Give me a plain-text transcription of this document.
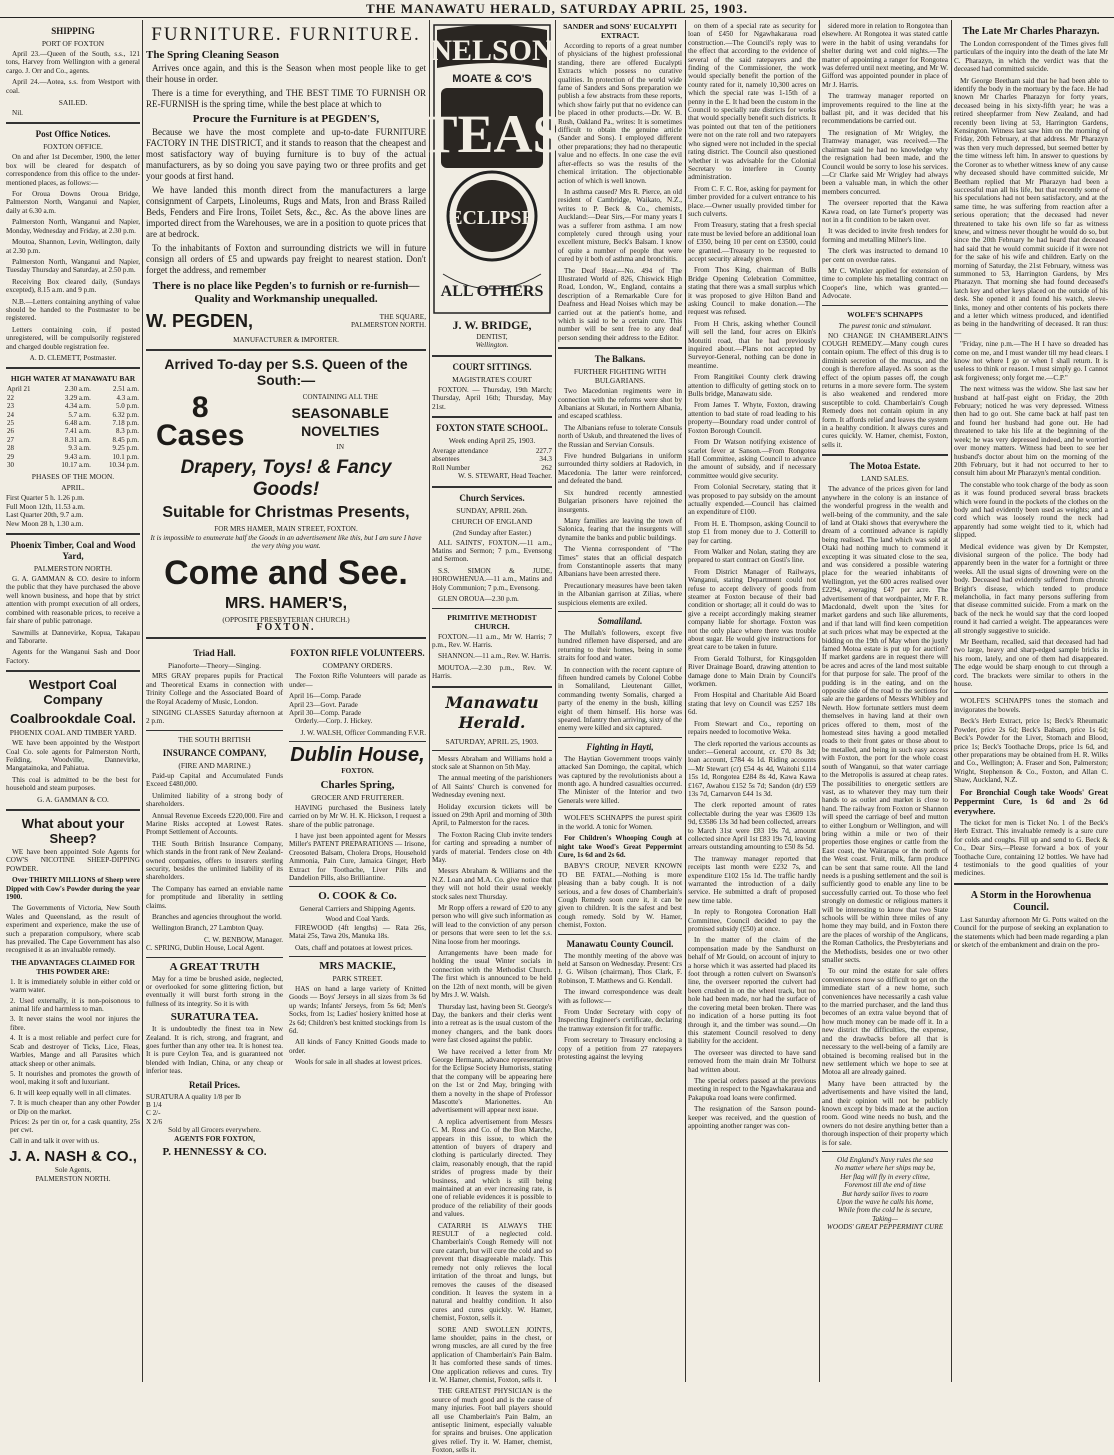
THE MANAWATU HERALD, SATURDAY APRIL 25, 1903.
SHIPPING
PORT OF FOXTON

April 23.—Queen of the South, s.s., 121 tons, Harvey from Wellington with a general cargo. J. Orr and Co., agents.

April 24.—Aotea, s.s. from Westport with coal.

SAILED.

Nil.

Post Office Notices.
FOXTON OFFICE.

On and after 1st December, 1900, the letter box will be cleared for despatch of correspondence from this office to the under-mentioned places, as follows:—

For Oroua Downs Oroua Bridge, Palmerston North, Wanganui and Napier, daily at 6.30 a.m.

Palmerston North, Wanganui and Napier, Monday, Wednesday and Friday, at 2.30 p.m.

Moutoa, Shannon, Levin, Wellington, daily at 2.30 p.m.

Palmerston North, Wanganui and Napier, Tuesday Thursday and Saturday, at 2.50 p.m.

Receiving Box cleared daily, (Sundays excepted), 8.15 a.m. and 9 p.m.

N.B.—Letters containing anything of value should be handed to the Postmaster to be registered.

Letters containing coin, if posted unregistered, will be compulsorily registered and charged double registration fee.

A. D. CLEMETT, Postmaster.
HIGH WATER AT MANAWATU BAR
April 21	2.30 a.m.	2.51 a.m.
22	3.29 a.m.	4.3 a.m.
23	4.34 a.m.	5.0 p.m.
24	5.7 a.m.	6.32 p.m.
25	6.48 a.m.	7.18 p.m.
26	7.41 a.m.	8.3 p.m.
27	8.31 a.m.	8.45 p.m.
28	9.3 a.m.	9.25 p.m.
29	9.43 a.m.	10.1 p.m.
30	10.17 a.m.	10.34 p.m.
PHASES OF THE MOON.
APRIL.
First Quarter 5 h. 1.26 p.m.
Full Moon 12th, 11.53 a.m.
Last Quarter 20th, 9.7 a.m.
New Moon 28 h, 1.30 a.m.
Phoenix Timber, Coal and Wood Yard,
PALMERSTON NORTH.

G. A. GAMMAN & CO. desire to inform the public that they have purchased the above well known business, and hope that by strict attention with prompt execution of all orders, combined with reasonable prices, to receive a fair share of public patronage.

Sawmills at Dannevirke, Kopua, Takapau and Taborarte.

Agents for the Wanganui Sash and Door Factory.

Westport Coal Company
Coalbrookdale Coal.
PHOENIX COAL AND TIMBER YARD.

WE have been appointed by the Westport Coal Co. sole agents for Palmerston North, Feilding, Woodville, Dannevirke, Mangatainoka, and Pahiatua.

This coal is admitted to be the best for household and steam purposes.

G. A. GAMMAN & CO.
What about your Sheep?

WE have been appointed Sole Agents for COW'S NICOTINE SHEEP-DIPPING POWDER.

Over THIRTY MILLIONS of Sheep were Dipped with Cow's Powder during the year 1900.

The Governments of Victoria, New South Wales and Queensland, as the result of experiment and experience, make the use of such a preparation compulsory, where scab has prevailed. The Cape Government has also recognised it as an invaluable remedy.

THE ADVANTAGES CLAIMED FOR THIS POWDER ARE:
1. It is immediately soluble in either cold or warm water.
2. Used externally, it is non-poisonous to animal life and harmless to man.
3. It never stains the wool nor injures the fibre.
4. It is a most reliable and perfect cure for Scab and destroyer of Ticks, Lice, Fleas, Warbles, Mange and all Parasites which attack sheep or other animals.
5. It nourishes and promotes the growth of wool, making it soft and luxuriant.
6. It will keep equally well in all climates.
7. It is much cheaper than any other Powder or Dip on the market.
Prices: 2s per tin or, for a cask quantity, 25s per cwt.
Call in and talk it over with us.
J. A. NASH & CO.,
Sole Agents,
PALMERSTON NORTH.
FURNITURE. FURNITURE.
The Spring Cleaning Season

Arrives once again, and this is the Season when most people like to get their house in order.

There is a time for everything, and THE BEST TIME TO FURNISH OR RE-FURNISH is the spring time, while the best place at which to

Procure the Furniture is at PEGDEN'S,

Because we have the most complete and up-to-date FURNITURE FACTORY IN THE DISTRICT, and it stands to reason that the cheapest and most satisfactory way of buying furniture is to buy of the actual manufacturers, as by so doing you save paying two or three profits and get your goods at first hand.

We have landed this month direct from the manufacturers a large consignment of Carpets, Linoleums, Rugs and Mats, Iron and Brass Railed Beds, Fenders and Fire Irons, Toilet Sets, &c., &c. As the above lines are imported direct from the Warehouses, we are in a position to quote prices that are at bedrock.

To the inhabitants of Foxton and surrounding districts we will in future consign all orders of £5 and upwards pay freight to nearest station. Don't forget the address, and remember

There is no place like Pegden's to furnish or re-furnish—Quality and Workmanship unequalled.
W. PEGDEN,	THE SQUARE,
PALMERSTON NORTH.
MANUFACTURER & IMPORTER.
Arrived To-day per S.S. Queen of the South:—
8 Cases
CONTAINING ALL THE
SEASONABLE NOVELTIES
IN
Drapery, Toys! & Fancy Goods!
Suitable for Christmas Presents,
FOR MRS HAMER, MAIN STREET, FOXTON.
It is impossible to enumerate half the Goods in an advertisement like this, but I am sure I have the very thing you want.
Come and See.
MRS. HAMER'S,
(OPPOSITE PRESBYTERIAN CHURCH.)
FOXTON.
Triad Hall.
Pianoforte—Theory—Singing.

MRS GRAY prepares pupils for Practical and Theoretical Exams in connection with Trinity College and the Associated Board of the Royal Academy of Music, London.

SINGING CLASSES Saturday afternoon at 2 p.m.

THE SOUTH BRITISH
INSURANCE COMPANY,
(FIRE AND MARINE.)

Paid-up Capital and Accumulated Funds Exceed £480,000.

Unlimited liability of a strong body of shareholders.

Annual Revenue Exceeds £220,000. Fire and Marine Risks accepted at Lowest Rates. Prompt Settlement of Accounts.

THE South British Insurance Company, which stands in the front rank of New Zealand-owned companies, offers to insurers sterling security, besides the unlimited liability of its shareholders.

The Company has earned an enviable name for promptitude and liberality in settling claims.

Branches and agencies throughout the world.

Wellington Branch, 27 Lambton Quay.

C. W. BENBOW, Manager.
C. SPRING, Dublin House, Local Agent.
A GREAT TRUTH

May for a time be brushed aside, neglected, or overlooked for some glittering fiction, but eventually it will burst forth strong in the fullness of its integrity. So it is with

SURATURA TEA.

It is undoubtedly the finest tea in New Zealand. It is rich, strong, and fragrant, and goes further than any other tea. It is honest tea. It is pure Ceylon Tea, and is guaranteed not blended with Indian, China, or any cheap or inferior teas.

Retail Prices.
SURATURA A quality 1/8 per lb
B 1/4
C 2/-
X 2/6
Sold by all Grocers everywhere.
AGENTS FOR FOXTON,
P. HENNESSY & CO.
FOXTON RIFLE VOLUNTEERS.
COMPANY ORDERS.

The Foxton Rifle Volunteers will parade as under—

April 16—Comp. Parade
April 23—Govt. Parade
April 30—Comp. Parade

Orderly.—Corp. J. Hickey.

J. W. WALSH, Officer Commanding F.V.R.
Dublin House,
FOXTON.
Charles Spring,
GROCER AND FRUITERER.

HAVING purchased the Business lately carried on by Mr W. H. K. Hickson, I request a share of the public patronage.

I have just been appointed agent for Messrs Miller's PATENT PREPARATIONS — Irisone, Creosoted Balsam, Cholera Drops, Household Ammonia, Pain Cure, Jamaica Ginger, Herb Extract for Toothache, Liver Pills and Dandelion Pills, also Brilliantine.

O. COOK & Co.
General Carriers and Shipping Agents.
Wood and Coal Yards.

FIREWOOD (4ft lengths) — Rata 26s, Matai 25s, Tawa 20s, Manuka 18s.

Oats, chaff and potatoes at lowest prices.

MRS MACKIE,
PARK STREET.

HAS on hand a large variety of Knitted Goods — Boys' Jerseys in all sizes from 3s 6d up wards; Infants' Jerseys, from 5s 6d; Men's Socks, from 1s; Ladies' hosiery knitted hose at 2s 6d; Children's best knitted stockings from 1s 6d.

All kinds of Fancy Knitted Goods made to order.

Wools for sale in all shades at lowest prices.

NELSON
MOATE & CO'S
TEAS
ECLIPSE
ALL OTHERS
J. W. BRIDGE,
DENTIST,
Wellington.
COURT SITTINGS.
MAGISTRATE'S COURT

FOXTON. — Thursday, 19th March; Thursday, April 16th; Thursday, May 21st.

FOXTON STATE SCHOOL.
Week ending April 25, 1903.
Average attendance	227.7
absentees	34.3
Roll Number	262
W. S. STEWART, Head Teacher.
Church Services.
SUNDAY, APRIL 26th.
CHURCH OF ENGLAND
(2nd Sunday after Easter.)

ALL SAINTS', FOXTON.—11 a.m., Matins and Sermon; 7 p.m., Evensong and Sermon.

S.S. SIMON & JUDE, HOROWHENUA.—11 a.m., Matins and Holy Communion; 7 p.m., Evensong.

GLEN OROUA—2.30 p.m.

PRIMITIVE METHODIST CHURCH.

FOXTON.—11 a.m., Mr W. Harris; 7 p.m., Rev. W. Harris.

SHANNON.—11 a.m., Rev. W. Harris.

MOUTOA.—2.30 p.m., Rev. W. Harris.

Manawatu Herald.
SATURDAY, APRIL 25, 1903.

Messrs Abraham and Williams hold a stock sale at Shannon on 5th May.

The annual meeting of the parishioners of All Saints' Church is convened for Wednesday evening next.

Holiday excursion tickets will be issued on 29th April and morning of 30th April, to Palmerston for the races.

The Foxton Racing Club invite tenders for carting and spreading a number of yards of material. Tenders close on 4th May.

Messrs Abraham & Williams and the N.Z. Loan and M.A. Co. give notice that they will not hold their usual weekly stock sales next Thursday.

Mr Ropp offers a reward of £20 to any person who will give such information as will lead to the conviction of any person or persons that were seen to let the s.s. Nina loose from her moorings.

Arrangements have been made for holding the usual Winter socials in connection with the Methodist Church. The first which is announced to be held on the 12th of next month, will be given by Mrs J. W. Walsh.

Thursday last, having been St. George's Day, the bankers and their clerks went into a retreat as is the usual custom of the money changers, and the bank doors were fast closed against the public.

We have received a letter from Mr George Hermann, advance representative for the Eclipse Society Humorists, stating that the company will be appearing here on the 1st or 2nd May, bringing with them a novelty in the shape of Professor Mascotte's Marionettes. An advertisement will appear next issue.

A replica advertisement from Messrs C. M. Ross and Co. of the Bon Marche, appears in this issue, to which the attention of buyers of drapery and clothing is particularly directed. They claim, reasonably enough, that the rapid strides of progress made by their business, and which is still being maintained at an ever increasing rate, is one of reliable evidences it is possible to produce of the reliability of their goods and values.

CATARRH IS ALWAYS THE RESULT of a neglected cold. Chamberlain's Cough Remedy will not cure catarrh, but will cure the cold and so prevent that disagreeable malady. This remedy not only relieves the local irritation of the throat and lungs, but removes the causes of the diseased condition. It leaves the system in a natural and healthy condition. It also cures and cures quickly. W. Hamer, chemist, Foxton, sells it.

SORE AND SWOLLEN JOINTS, lame shoulder, pains in the chest, or wrong muscles, are all cured by the free application of Chamberlain's Pain Balm. It has comforted these sands of times. One application relieves and cures. Try it. W. Hamer, chemist, Foxton, sells it.

THE GREATEST PHYSICIAN is the source of much good and is the cause of many injuries. Foot ball players should all use Chamberlain's Pain Balm, an antiseptic liniment, especially valuable for sprains and bruises. One application gives relief. Try it. W. Hamer, chemist, Foxton, sells it.

SANDER and SONS' EUCALYPTI EXTRACT.

According to reports of a great number of physicians of the highest professional standing, there are offered Eucalypti Extracts which possess no curative qualities. In protection of the world wide fame of Sanders and Sons preparation we publish a few abstracts from these reports, which show fairly put that no evidence can be placed in other products.—Dr. W. B. Rush, Oakland Pa., writes: It is sometimes difficult to obtain the genuine article (Sander and Sons). I employed different other preparations; they had no therapeutic value and no effects. In one case the evil after-effects so was the results of the chemical irritation. The objectionable action of which is well known.

In asthma caused? Mrs R. Pierce, an old resident of Cambridge, Waikato, N.Z., writes to P. Beck & Co., chemists, Auckland:—Dear Sirs,—For many years I was a sufferer from asthma. I am now completely cured through using your excellent mixture, Beck's Balsam. I know of quite a number of people that were cured by it both of asthma and bronchitis.

The Deaf Hear.—No. 494 of The Illustrated World of 826, Chiswick High Road, London, W., England, contains a description of a Remarkable Cure for Deafness and Head Noises which may be carried out at the patient's home, and which is said to be a certain cure. This number will be sent free to any deaf person sending their address to the Editor.

The Balkans.
FURTHER FIGHTING WITH BULGARIANS.

Two Macedonian regiments were in connection with the reforms were shot by Albanians at Skutari, in Northern Albania, and escaped scathless.

The Albanians refuse to tolerate Consuls north of Uskub, and threatened the lives of the Russian and Servian Consuls.

Five hundred Bulgarians in uniform surrounded thirty soldiers at Radovich, in Macedonia. The latter were reinforced, and defeated the band.

Six hundred recently amnestied Bulgarian prisoners have rejoined the insurgents.

Many families are leaving the town of Salonica, fearing that the insurgents will dynamite the banks and public buildings.

The Vienna correspondent of "The Times" states that an official despatch from Constantinople asserts that many Albanians have been arrested there.

Precautionary measures have been taken in the Albanian garrison at Zilias, where suspicious elements are exiled.

Somaliland.

The Mullah's followers, except five hundred riflemen have dispersed, and are returning to their homes, being in some straits for food and water.

In connection with the recent capture of fifteen hundred camels by Colonel Cobbe in Somaliland, Lieutenant Gillet, commanding twenty Somalis, charged a party of the enemy in the bush, killing eight of them himself. His horse was speared. Infantry then arriving, sixty of the enemy were killed and six captured.

Fighting in Hayti,

The Haytian Government troops vainly attacked San Domingo, the capital, which was captured by the revolutionists about a month ago. A hundred casualties occurred. The Minister of the Interior and two Generals were killed.

WOLFE'S SCHNAPPS the purest spirit in the world. A tonic for Women.

For Children's Whooping Cough at night take Wood's Great Peppermint Cure, 1s 6d and 2s 6d.

BABY'S CROUP, NEVER KNOWN TO BE FATAL.—Nothing is more pleasing than a baby cough. It is not serious, and a few doses of Chamberlain's Cough Remedy soon cure it, it can be given to children. It is the safest and best cough remedy. Sold by W. Hamer, chemist, Foxton.

Manawatu County Council.

The monthly meeting of the above was held at Sanson on Wednesday. Present: Crs J. G. Wilson (chairman), Thos Clark, F. Robinson, T. Matthews and G. Kendall.

The inward correspondence was dealt with as follows:—

From Under Secretary with copy of Inspecting Engineer's certificate, declaring the tramway extension fit for traffic.

From secretary to Treasury enclosing a copy of a petition from 27 ratepayers protesting against the levying

on them of a special rate as security for loan of £450 for Ngawhakaraua road construction.—The Council's reply was to the effect that according to the evidence of several of the said ratepayers and the finding of the Commissioner, the work would specially benefit the portion of the county rated for it, namely 10,300 acres on which the special rate was 1-15th of a penny in the £. It had been the custom in the Council to specially rate districts for works that would specially benefit such districts. It was pointed out that ten of the petitioners were not on the rate roll and two ratepayers who signed were not included in the special rating district. The Council also questioned whether it was advisable for the Colonial Secretary to interfere in County administration.

From C. F. C. Roe, asking for payment for timber provided for a culvert entrance to his place.—Owner usually provided timber for such culverts.

From Treasury, stating that a fresh special rate must be levied before an additional loan of £350, being 10 per cent on £3500, could be granted.—Treasury to be requested to accept security already given.

From Thos King, chairman of Bulls Bridge Opening Celebration Committee, stating that there was a small surplus which it was proposed to give Hilton Band and asking Council to make donation.—The request was refused.

From H Chris, asking whether Council will sell the land, four acres on Elkin's Motutiti road, that he had previously inquired about.—Plans not accepted by Surveyor-General, nothing can be done in meantime.

From Rangitikei County clerk drawing attention to difficulty of getting stock on to Bulls bridge, Manawatu side.

From James T. Whyte, Foxton, drawing attention to bad state of road leading to his property—Boundary road under control of Foxton Borough Council.

From Dr Watson notifying existence of scarlet fever at Sanson.—From Rongotea Hall Committee, asking Council to advance the amount of subsidy, and if necessary committee would give security.

From Colonial Secretary, stating that it was proposed to pay subsidy on the amount actually expended.—Council has claimed an expenditure of £100.

From H. E. Thompson, asking Council to stop £1 from money due to J. Cotterill to pay for carting.

From Walker and Nolan, stating they are prepared to start contract on Gosti's line.

From District Manager of Railways, Wanganui, stating Department could not refuse to accept delivery of goods from steamer at Foxton because of their bad condition or shortage; all it could do was to give a receipt accordingly making steamer company liable for shortage. Foxton was not the only place where there was trouble about sugar. He would give instructions for great care to be taken in future.

From Gerald Tolhurst, for Kingsgolden River Drainage Board, drawing attention to damage done to Main Drain by Council's workmen.

From Hospital and Charitable Aid Board stating that levy on Council was £257 18s 6d.

From Stewart and Co., reporting on repairs needed to locomotive Weka.

The clerk reported the various accounts as under:—General account, cr. £70 8s 3d; loan account, £784 4s 1d. Riding accounts—Mr Stewart (cr) £54 4s 4d, Waitohi £114 15s 1d, Rongotea £284 8s 4d, Kawa Kawa £167, Awahou £152 5s 7d; Sandon (dr) £59 13s 7d, Carnarvon £44 1s 3d.

The clerk reported amount of rates collectable during the year was £3609 13s 9d, £3586 13s 3d had been collected, arrears to March 31st were £83 19s 7d, amount collected since April 1st £83 19s 7d, leaving arrears outstanding amounting to £50 8s 5d.

The tramway manager reported that receipts last month were £232 7s, and expenditure £102 15s 1d. The traffic hardly warranted the introduction of a daily service. He submitted a draft of proposed new time table.

In reply to Rongotea Coronation Hall Committee, Council decided to pay the promised subsidy (£50) at once.

In the matter of the claim of the compensation made by the Sandhurst on behalf of Mr Gould, on account of injury to a horse which it was asserted had placed its foot through a rotten culvert on Swanson's line, the overseer reported the culvert had been crushed in on the wheel track, but no hole had been made, nor had the surface of the covering metal been broken. There was no indication of a horse putting its foot through it, and the timber was sound.—On this statement Council resolved to deny liability for the accident.

The overseer was directed to have sand removed from the main drain Mr Tolhurst had written about.

The special orders passed at the previous meeting in respect to the Ngawhakaraua and Pakapuka road loans were confirmed.

The resignation of the Sanson pound-keeper was received, and the question of appointing another ranger was con-

sidered more in relation to Rongotea than elsewhere. At Rongotea it was stated cattle were in the habit of using verandahs for shelter during wet and cold nights.—The matter of appointing a ranger for Rongotea was deferred until next meeting, and Mr W. Gifford was appointed pounder in place of Mr J. Harris.

The tramway manager reported on improvements required to the line at the ballast pit, and it was decided that his recommendations be carried out.

The resignation of Mr Wrigley, the Tramway manager, was received.—The chairman said he had no knowledge why the resignation had been made, and the Council would be sorry to lose his services.—Cr Clarke said Mr Wrigley had always been a valuable man, in which the other members concurred.

The overseer reported that the Kawa Kawa road, on late Turner's property was not in a fit condition to be taken over.

It was decided to invite fresh tenders for forming and metalling Milner's line.

The clerk was instructed to demand 10 per cent on overdue rates.

Mr C. Winkler applied for extension of time to complete his metalling contract on Cooper's line, which was granted.—Advocate.

WOLFE'S SCHNAPPS
The purest tonic and stimulant.

NO CHANGE IN CHAMBERLAIN'S COUGH REMEDY.—Many cough cures contain opium. The effect of this drug is to diminish secretion of the mucus, and the cough is therefore allayed. As soon as the effect of the opium passes off, the cough returns in a more severe form. The system is also weakened and rendered more susceptible to cold. Chamberlain's Cough Remedy does not contain opium in any form. It affords relief and leaves the system in a healthy condition. It always cures and cures quickly. W. Hamer, chemist, Foxton, sells it.

The Motoa Estate.
LAND SALES.

The advance of the prices given for land anywhere in the colony is an instance of the wonderful progress in the wealth and well-being of the community, and the sale of land at Otaki shows that everywhere the dream of a continued advance is rapidly being realised. The land which was sold at Otaki had nothing much to commend it excepting it was situated close to the sea, and was considered a possible watering place for the wearied inhabitants of Wellington, yet the 600 acres realised over £2294, averaging £47 per acre. The advertisement of that wordpainter, Mr F. R. Macdonald, dwelt upon the 'sites for market gardens and such like allurements, and if that land will find keen competition at such prices what may be expected at the bidding on the 19th of May when the justly famed Motoa estate is put up for auction? If market gardens are in request there will be acres and acres of the land most suitable for that purpose for sale. The proof of the pudding is in the eating, and on the opposite side of the road to the sections for sale are the gardens of Messrs Whibley and Newth. How fortunate settlers must deem themselves in having land at their own prices offered to them, most of the homestead sites having a good metalled roads to their front gates or those about to be metalled, and being in such easy access with Foxton, the port for the whole coast south of Wanganui, so that water carriage to the Metropolis is assured at cheap rates. The possibilities to energetic settlers are vast, as to whatever they may turn their hands to as outlet and market is close to hand. The railway from Foxton or Shannon will speed the carriage of beef and mutton to either Longburn or Wellington, and will bring within a mile or two of their properties those engines or cattle from the East coast, the Wairarapa or the north of the West coast. Fruit, milk, farm produce can be sent that same route. All the land needs is a pushing settlement and the soil is sufficiently good to enable any line to be successfully carried out. To those who feel strongly on domestic or religious matters it will be interesting to know that two State schools will be within three miles of any home they may build, and in Foxton there are the places of worship of the Anglicans, the Roman Catholics, the Presbyterians and the Methodists, besides one or two other smaller sects.

To our mind the estate for sale offers conveniences now so difficult to get on the immediate start of a new home, such conveniences have necessarily a cash value to the married purchaser, and the land thus becomes of an extra value beyond that of how much money can be made off it. In a new district the difficulties, the expense, and the drawbacks before all that is necessary to the well-being of a family are obtained is becoming realised but in the new settlement which we hope to see at Motoa all are already gained.

Many have been attracted by the advertisements and have visited the land, and their opinion will not be publicly known except by bids made at the auction room. Good wine needs no bush, and the owners do not desire anything better than a thorough inspection of their property which is for sale.

Old England's Navy rules the sea
No matter where her ships may be,
Her flag will fly in every clime,
Foremost till the end of time
But hardy sailor lives to roam
Upon the wave he calls his home,
While from the cold he is secure,
Taking—
WOODS' GREAT PEPPERMINT CURE
The Late Mr Charles Pharazyn.

The London correspondent of the Times gives full particulars of the inquiry into the death of the late Mr C. Pharazyn, in which the verdict was that the deceased had committed suicide.

Mr George Beetham said that he had been able to identify the body in the mortuary by the face. He had known Mr Charles Pharazyn for forty years, deceased being in his sixty-fifth year; he was a retired sheepfarmer from New Zealand, and had recently been living at 53, Harrington Gardens, Kensington. Witness last saw him on the morning of Friday, 20th February, at that address. Mr Pharazyn was then very much depressed, but seemed better by the time witness left him. In answer to questions by the Coroner as to whether witness knew of any cause why deceased should have committed suicide, Mr Beetham replied that Mr Pharazyn had been a successful man all his life, but that recently some of his speculations had not been satisfactory, and at the same time, he was suffering from reaction after a serious operation; that the deceased had never threatened to take his own life so far as witness knew, and witness never thought he would do so, but since the 20th February he had heard that deceased had said that he would commit suicide if it were not for the sake of his wife and children. Early on the morning of Saturday, the 21st February, witness was summoned to 53, Harrington Gardens, by Mrs Pharazyn. That morning she had found deceased's latch key and other keys placed on the outside of his desk. She opened it and found his watch, sleeve-links, money and other contents of his pockets there and a letter which witness produced, and identified as being in the handwriting of deceased. It ran thus:—

"Friday, nine p.m.—The H I have so dreaded has come on me, and I must wander till my head clears. I know not where I go or when I shall return. It is useless to think or reason. I must simply go. I cannot ask forgiveness; only forget me.—C.P."

The next witness was the widow. She last saw her husband at half-past eight on Friday, the 20th February; noticed he was very depressed. Witness then had to go out. She came back at half past ten and found her husband had gone out. He had threatened to take his life at the beginning of the week; he was very depressed indeed, and he worried over money matters. Witness had been to see her husband's doctor about him on the morning of the 20th February, but it had not occurred to her to consult him about Mr Pharazyn's mental condition.

The constable who took charge of the body as soon as it was found produced several brass brackets which were found in the pockets of the clothes on the body and had evidently been used as weights; and a cord which was loosely round the neck had apparently had some weight tied to it, which had slipped.

Medical evidence was given by Dr Kempster, divisional surgeon of the police. The body had apparently been in the water for a fortnight or three weeks. All the usual signs of drowning were on the body. Deceased had evidently suffered from chronic Bright's disease, which tended to produce melancholia, in fact many persons suffering from that disease committed suicide. From a mark on the back of the neck he would say that the cord looped round it had carried a weight. The appearances were all strongly suggestive to suicide.

Mr Beetham, recalled, said that deceased had had two large, heavy and sharp-edged sample bricks in his room, lately, and one of them had disappeared. The edge would be sharp enough to cut through a cord. The brackets were similar to others in the house.

WOLFE'S SCHNAPPS tones the stomach and invigorates the bowels.

Beck's Herb Extract, price 1s; Beck's Rheumatic Powder, price 2s 6d; Beck's Balsam, price 1s 6d; Beck's Powder for the Liver, Stomach and Blood, price 1s; Beck's Toothache Drops, price 1s 6d, and other preparations may be obtained from H. R. Wilks and Co., Wellington; A. Fraser and Son, Palmerston; Wright, Stephenson & Co., Foxton, and Allan C. Shaw, Auckland, N.Z.

For Bronchial Cough take Woods' Great Peppermint Cure, 1s 6d and 2s 6d everywhere.

The ticket for men is Ticket No. 1 of the Beck's Herb Extract. This invaluable remedy is a sure cure for colds and coughs. Fill up and send to G. Beck & Co., Dear Sirs,—Please forward a box of your Toothache Cure, containing 12 bottles. We have had 4 testimonials to the good qualities of your medicines.

A Storm in the Horowhenua Council.

Last Saturday afternoon Mr G. Potts waited on the Council for the purpose of seeking an explanation to the statements which had been made regarding a plan or sketch of the embankment and drain on the pro-
